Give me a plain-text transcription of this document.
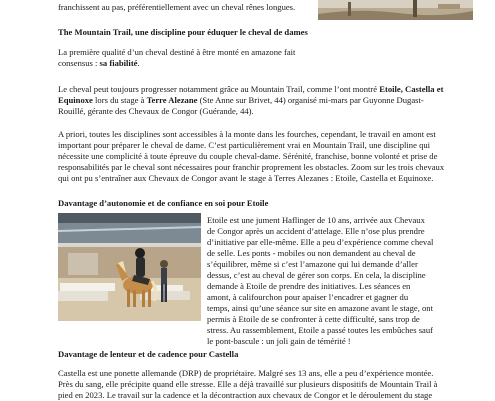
franchissent au pas, préférentiellement avec un cheval rênes longues.

The Mountain Trail, une discipline pour éduquer le cheval de dames

La première qualité d’un cheval destiné à être monté en amazone fait

consensus : sa fiabilité.

Le cheval peut toujours progresser notamment grâce au Mountain Trail, comme l’ont montré Etoile, Castella et

Equinoxe lors du stage à Terre Alezane (Ste Anne sur Brivet, 44) organisé mi-mars par Guyonne Dugast-

Rouillé, gérante des Chevaux de Congor (Guérande, 44).

A priori, toutes les disciplines sont accessibles à la monte dans les fourches, cependant, le travail en amont est

important pour préparer le cheval de dame. C’est particulièrement vrai en Mountain Trail, une discipline qui

nécessite une complicité à toute épreuve du couple cheval-dame. Sérénité, franchise, bonne volonté et prise de

responsabilités par le cheval sont nécessaires pour franchir proprement les obstacles. Zoom sur les trois chevaux

qui ont pu s’entraîner aux Chevaux de Congor avant le stage à Terres Alezanes : Etoile, Castella et Equinoxe.

Davantage d’autonomie et de confiance en soi pour Etoile

Etoile est une jument Haflinger de 10 ans, arrivée aux Chevaux

de Congor après un accident d’attelage. Elle n’ose plus prendre

d’initiative par elle-même. Elle a peu d’expérience comme cheval

de selle. Les ponts - mobiles ou non demandent au cheval de

s’équilibrer, même si c’est l’amazone qui lui demande d’aller

dessus, c’est au cheval de gérer son corps. En cela, la discipline

demande à Etoile de prendre des initiatives. Les séances en

amont, à califourchon pour apaiser l’encadrer et gagner du

temps, ainsi qu’une séance sur site en amazone avant le stage, ont

permis à Etoile de se confronter à cette difficulté, sans trop de

stress. Au rassemblement, Etoile a passé toutes les embûches sauf

le pont-bascule : un joli gain de témérité !

Davantage de lenteur et de cadence pour Castella

Castella est une ponette allemande (DRP) de propriétaire. Malgré ses 13 ans, elle a peu d’expérience montée.

Près du sang, elle précipite quand elle stresse. Elle a déjà travaillé sur plusieurs dispositifs de Mountain Trail à

pied en 2023. Le travail sur la cadence et la décontraction aux chevaux de Congor et le déroulement du stage
